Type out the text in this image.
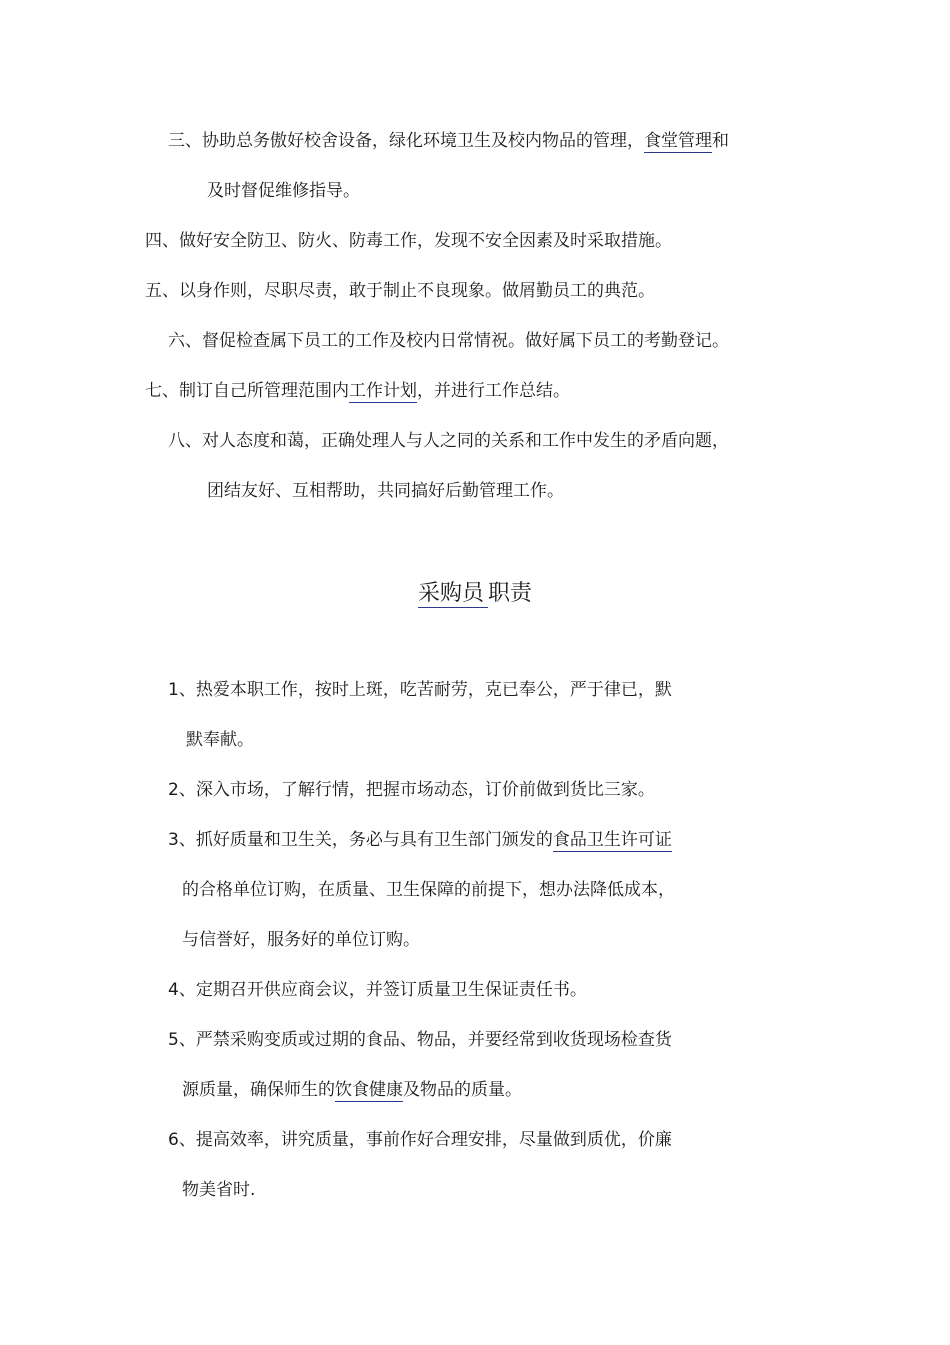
三、协助总务傲好校舍设备，绿化环境卫生及校内物品的管理，食堂管理和
及时督促维修指导。
四、做好安全防卫、防火、防毒工作，发现不安全因素及时采取措施。
五、以身作则，尽职尽责，敢于制止不良现象。做屑勤员工的典范。
六、督促检查属下员工的工作及校内日常情祝。做好属下员工的考勤登记。
七、制订自己所管理范围内工作计划，并进行工作总结。
八、对人态度和蔼，正确处理人与人之同的关系和工作中发生的矛盾向题，
团结友好、互相帮助，共同搞好后勤管理工作。
采购员 职责
1、热爱本职工作，按时上斑，吃苦耐劳，克已奉公，严于律已，默
默奉献。
2、深入市场，了解行情，把握市场动态，订价前做到货比三家。
3、抓好质量和卫生关，务必与具有卫生部门颁发的食品卫生许可证
的合格单位订购，在质量、卫生保障的前提下，想办法降低成本，
与信誉好，服务好的单位订购。
4、定期召开供应商会议，并签订质量卫生保证责任书。
5、严禁采购变质或过期的食品、物品，并要经常到收货现场检查货
源质量，确保师生的饮食健康及物品的质量。
6、提高效率，讲究质量，事前作好合理安排，尽量做到质优，价廉
物美省时.
